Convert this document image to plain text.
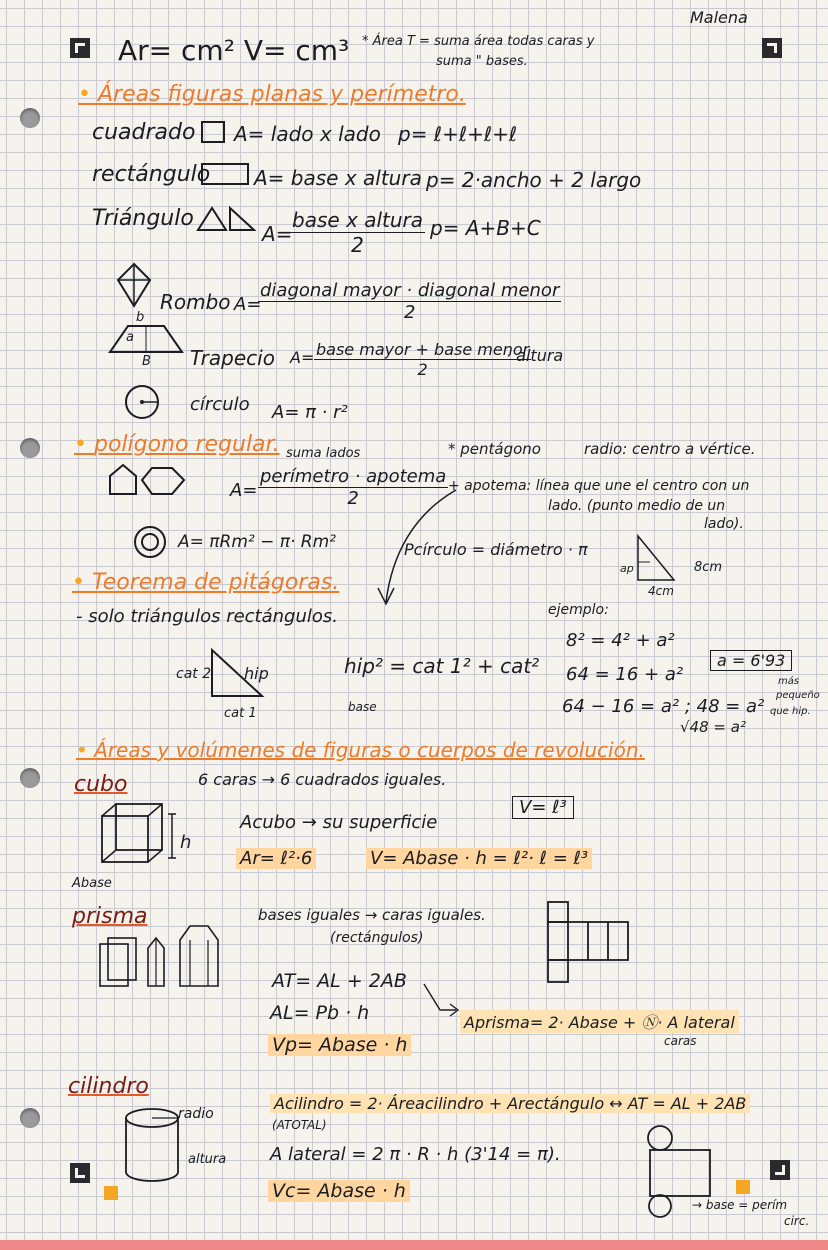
Malena
Ar= cm² V= cm³ * Área T = suma área todas caras y
suma " bases.
• Áreas figuras planas y perímetro.
cuadrado A= lado x lado p= ℓ+ℓ+ℓ+ℓ
rectángulo A= base x altura p= 2·ancho + 2 largo
Triángulo
A=
$\frac{\text{base x altura}}{2} p= A+B+C$
Rombo A=
$\frac{\text{diagonal mayor · diagonal menor}}{2}$
b
a
B Trapecio $A= \frac{\text{base mayor + base menor}}{2}$
· altura
círculo A= π · r²
• polígono regular. suma lados	* pentágono	radio: centro a vértice.
$A= \frac{\text{perímetro · apotema}}{2}$ + apotema: línea que une el centro con un
lado. (punto medio de un
lado).
A= πRm² − π· Rm²	Pcírculo = diámetro · π
8cm
4cm
ap
• Teorema de pitágoras.
- solo triángulos rectángulos.	ejemplo:
cat 2 hip
cat 1
hip² = cat 1² + cat²
base
8² = 4² + a²
64 = 16 + a²
64 − 16 = a² ; 48 = a²
√48 = a²
a = 6'93
más
pequeño
que hip.
• Áreas y volúmenes de figuras o cuerpos de revolución.
cubo	6 caras → 6 cuadrados iguales.
V= ℓ³
h
Acubo → su superficie
Ar= ℓ²·6	V= Abase · h = ℓ²· ℓ = ℓ³
Abase
prisma	bases iguales → caras iguales.
(rectángulos)
AT= AL + 2AB
AL= Pb · h
Vp= Abase · h
Aprisma= 2· Abase + Ⓝ· A lateral
caras
cilindro
radio
altura
Acilindro = 2· Áreacilindro + Arectángulo ↔ AT = AL + 2AB
(ATOTAL)
A lateral = 2 π · R · h (3'14 = π).
Vc= Abase · h
→ base = perím
circ.
